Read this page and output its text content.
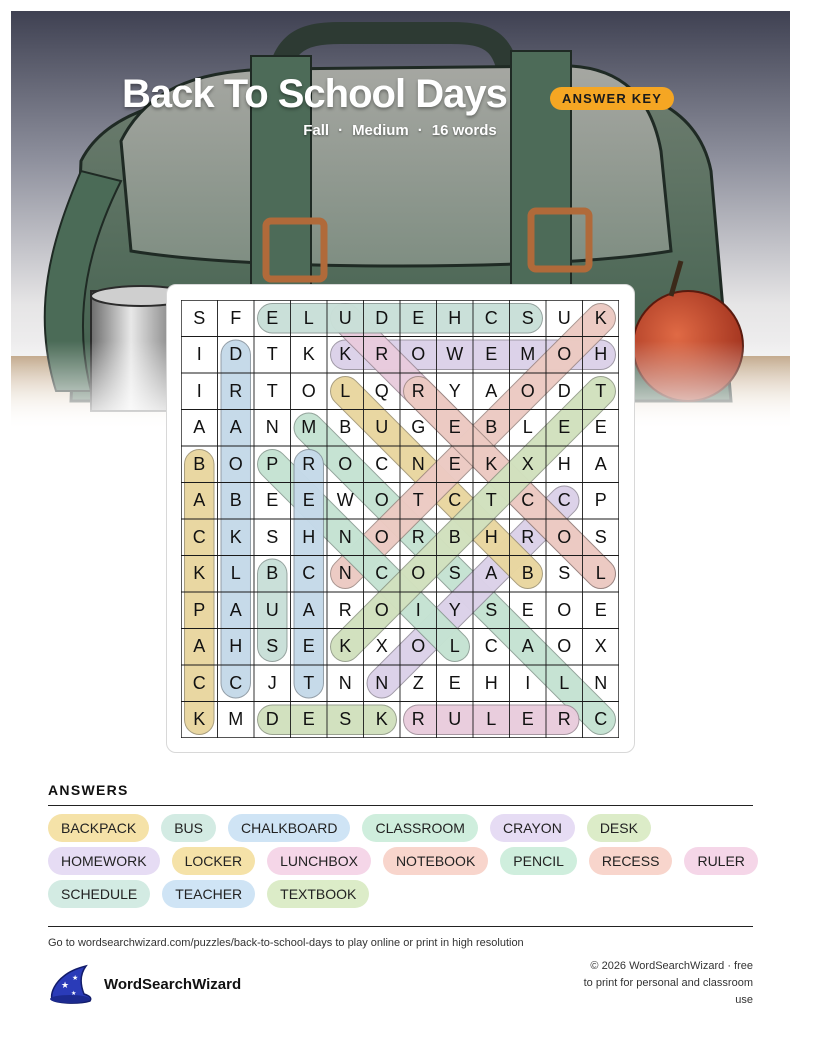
Back To School Days	ANSWER KEY
Fall · Medium · 16 words
S	F	E	L	U	D	E	H	C	S	U	K
I	D	T	K	K	R	O	W	E	M	O	H
I	R	T	O	L	Q	R	Y	A	O	D	T
A	A	N	M	B	U	G	E	B	L	E	E
B	O	P	R	O	C	N	E	K	X	H	A
A	B	E	E	W	O	T	C	T	C	C	P
C	K	S	H	N	O	R	B	H	R	O	S
K	L	B	C	N	C	O	S	A	B	S	L
P	A	U	A	R	O	I	Y	S	E	O	E
A	H	S	E	K	X	O	L	C	A	O	X
C	C	J	T	N	N	Z	E	H	I	L	N
K	M	D	E	S	K	R	U	L	E	R	C
ANSWERS
BACKPACK	BUS	CHALKBOARD	CLASSROOM	CRAYON	DESK
HOMEWORK	LOCKER	LUNCHBOX	NOTEBOOK	PENCIL	RECESS	RULER
SCHEDULE	TEACHER	TEXTBOOK
Go to wordsearchwizard.com/puzzles/back-to-school-days to play online or print in high resolution
★
★
★
WordSearchWizard
© 2026 WordSearchWizard · free to print for personal and classroom use
